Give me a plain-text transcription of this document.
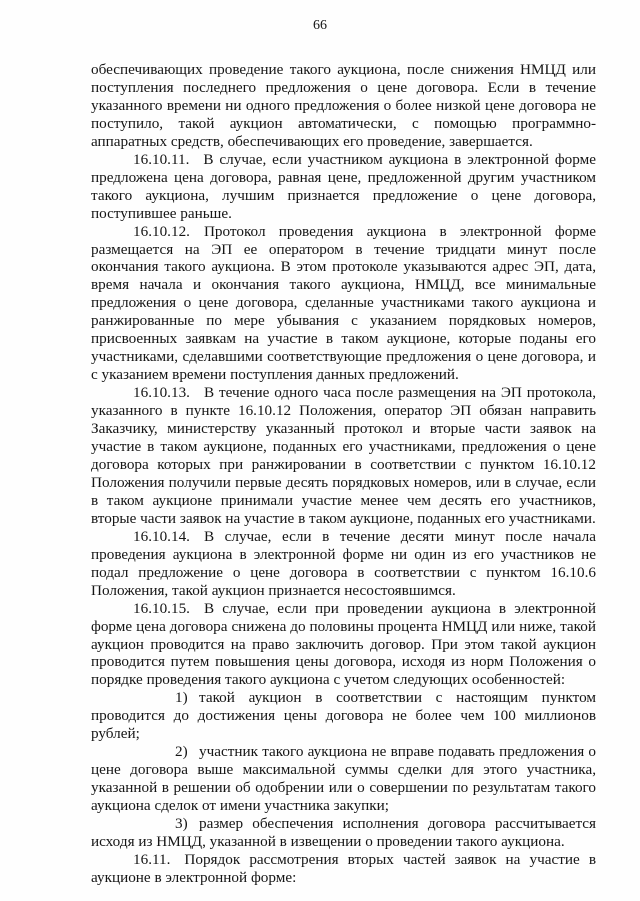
66

обеспечивающих проведение такого аукциона, после снижения НМЦД или поступления последнего предложения о цене договора. Если в течение указанного времени ни одного предложения о более низкой цене договора не поступило, такой аукцион автоматически, с помощью программно-аппаратных средств, обеспечивающих его проведение, завершается.

16.10.11. В случае, если участником аукциона в электронной форме предложена цена договора, равная цене, предложенной другим участником такого аукциона, лучшим признается предложение о цене договора, поступившее раньше.

16.10.12. Протокол проведения аукциона в электронной форме размещается на ЭП ее оператором в течение тридцати минут после окончания такого аукциона. В этом протоколе указываются адрес ЭП, дата, время начала и окончания такого аукциона, НМЦД, все минимальные предложения о цене договора, сделанные участниками такого аукциона и ранжированные по мере убывания с указанием порядковых номеров, присвоенных заявкам на участие в таком аукционе, которые поданы его участниками, сделавшими соответствующие предложения о цене договора, и с указанием времени поступления данных предложений.

16.10.13. В течение одного часа после размещения на ЭП протокола, указанного в пункте 16.10.12 Положения, оператор ЭП обязан направить Заказчику, министерству указанный протокол и вторые части заявок на участие в таком аукционе, поданных его участниками, предложения о цене договора которых при ранжировании в соответствии с пунктом 16.10.12 Положения получили первые десять порядковых номеров, или в случае, если в таком аукционе принимали участие менее чем десять его участников, вторые части заявок на участие в таком аукционе, поданных его участниками.

16.10.14. В случае, если в течение десяти минут после начала проведения аукциона в электронной форме ни один из его участников не подал предложение о цене договора в соответствии с пунктом 16.10.6 Положения, такой аукцион признается несостоявшимся.

16.10.15. В случае, если при проведении аукциона в электронной форме цена договора снижена до половины процента НМЦД или ниже, такой аукцион проводится на право заключить договор. При этом такой аукцион проводится путем повышения цены договора, исходя из норм Положения о порядке проведения такого аукциона с учетом следующих особенностей:

1) такой аукцион в соответствии с настоящим пунктом проводится до достижения цены договора не более чем 100 миллионов рублей;

2) участник такого аукциона не вправе подавать предложения о цене договора выше максимальной суммы сделки для этого участника, указанной в решении об одобрении или о совершении по результатам такого аукциона сделок от имени участника закупки;

3) размер обеспечения исполнения договора рассчитывается исходя из НМЦД, указанной в извещении о проведении такого аукциона.

16.11. Порядок рассмотрения вторых частей заявок на участие в аукционе в электронной форме:
